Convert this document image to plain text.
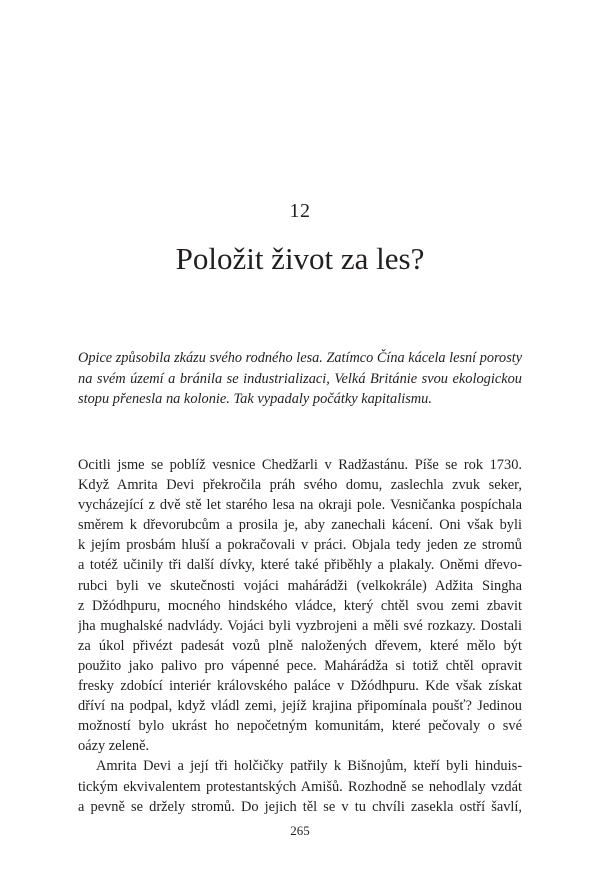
12
Položit život za les?
Opice způsobila zkázu svého rodného lesa. Zatímco Čína kácela lesní porosty
na svém území a bránila se industrializaci, Velká Británie svou ekologickou
stopu přenesla na kolonie. Tak vypadaly počátky kapitalismu.
Ocitli jsme se poblíž vesnice Chedžarli v Radžastánu. Píše se rok 1730.
Když Amrita Devi překročila práh svého domu, zaslechla zvuk seker,
vycházející z dvě stě let starého lesa na okraji pole. Vesničanka pospíchala
směrem k dřevorubcům a prosila je, aby zanechali kácení. Oni však byli
k jejím prosbám hluší a pokračovali v práci. Objala tedy jeden ze stromů
a totéž učinily tři další dívky, které také přiběhly a plakaly. Oněmi dřevo-
rubci byli ve skutečnosti vojáci mahárádži (velkokrále) Adžita Singha
z Džódhpuru, mocného hindského vládce, který chtěl svou zemi zbavit
jha mughalské nadvlády. Vojáci byli vyzbrojeni a měli své rozkazy. Dostali
za úkol přivézt padesát vozů plně naložených dřevem, které mělo být
použito jako palivo pro vápenné pece. Mahárádža si totiž chtěl opravit
fresky zdobící interiér královského paláce v Džódhpuru. Kde však získat
dříví na podpal, když vládl zemi, jejíž krajina připomínala poušť? Jedinou
možností bylo ukrást ho nepočetným komunitám, které pečovaly o své
oázy zeleně.
Amrita Devi a její tři holčičky patřily k Bišnojům, kteří byli hinduis-
tickým ekvivalentem protestantských Amišů. Rozhodně se nehodlaly vzdát
a pevně se držely stromů. Do jejich těl se v tu chvíli zasekla ostří šavlí,
265
